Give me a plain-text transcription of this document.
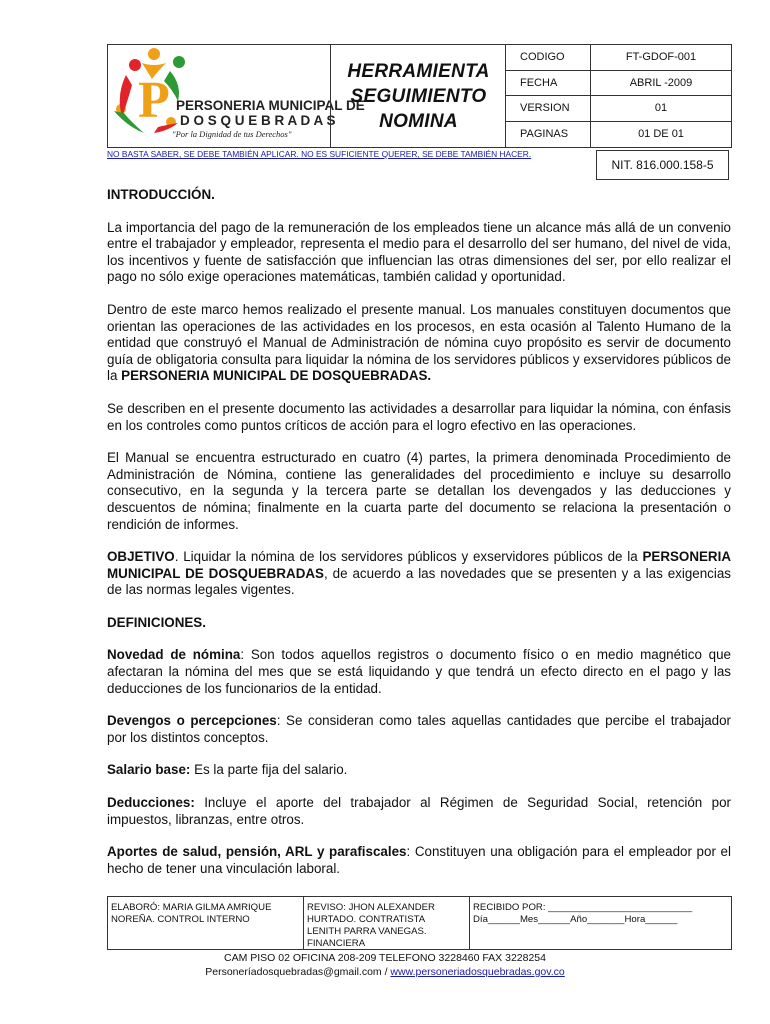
P PERSONERIA MUNICIPAL DE
D O S Q U E B R A D A S
"Por la Dignidad de tus Derechos"
HERRAMIENTA
SEGUIMIENTO
NOMINA
CODIGO	FT-GDOF-001
FECHA	ABRIL -2009
VERSION	01
PAGINAS	01 DE 01
NO BASTA SABER, SE DEBE TAMBIÉN APLICAR. NO ES SUFICIENTE QUERER, SE DEBE TAMBIÉN HACER.
NIT. 816.000.158-5
INTRODUCCIÓN.

La importancia del pago de la remuneración de los empleados tiene un alcance más allá de un convenio entre el trabajador y empleador, representa el medio para el desarrollo del ser humano, del nivel de vida, los incentivos y fuente de satisfacción que influencian las otras dimensiones del ser, por ello realizar el pago no sólo exige operaciones matemáticas, también calidad y oportunidad.

Dentro de este marco hemos realizado el presente manual. Los manuales constituyen documentos que orientan las operaciones de las actividades en los procesos, en esta ocasión al Talento Humano de la entidad que construyó el Manual de Administración de nómina cuyo propósito es servir de documento guía de obligatoria consulta para liquidar la nómina de los servidores públicos y exservidores públicos de la PERSONERIA MUNICIPAL DE DOSQUEBRADAS.

Se describen en el presente documento las actividades a desarrollar para liquidar la nómina, con énfasis en los controles como puntos críticos de acción para el logro efectivo en las operaciones.

El Manual se encuentra estructurado en cuatro (4) partes, la primera denominada Procedimiento de Administración de Nómina, contiene las generalidades del procedimiento e incluye su desarrollo consecutivo, en la segunda y la tercera parte se detallan los devengados y las deducciones y descuentos de nómina; finalmente en la cuarta parte del documento se relaciona la presentación o rendición de informes.

OBJETIVO. Liquidar la nómina de los servidores públicos y exservidores públicos de la PERSONERIA MUNICIPAL DE DOSQUEBRADAS, de acuerdo a las novedades que se presenten y a las exigencias de las normas legales vigentes.

DEFINICIONES.

Novedad de nómina: Son todos aquellos registros o documento físico o en medio magnético que afectaran la nómina del mes que se está liquidando y que tendrá un efecto directo en el pago y las deducciones de los funcionarios de la entidad.

Devengos o percepciones: Se consideran como tales aquellas cantidades que percibe el trabajador por los distintos conceptos.

Salario base: Es la parte fija del salario.

Deducciones: Incluye el aporte del trabajador al Régimen de Seguridad Social, retención por impuestos, libranzas, entre otros.

Aportes de salud, pensión, ARL y parafiscales: Constituyen una obligación para el empleador por el hecho de tener una vinculación laboral.

ELABORÓ: MARIA GILMA AMRIQUE
NOREÑA. CONTROL INTERNO
REVISO: JHON ALEXANDER
HURTADO. CONTRATISTA
LENITH PARRA VANEGAS.
FINANCIERA
RECIBIDO POR: ___________________________
Día______Mes______Año_______Hora______
CAM PISO 02 OFICINA 208-209 TELEFONO 3228460 FAX 3228254
Personeríadosquebradas@gmail.com / www.personeriadosquebradas.gov.co
